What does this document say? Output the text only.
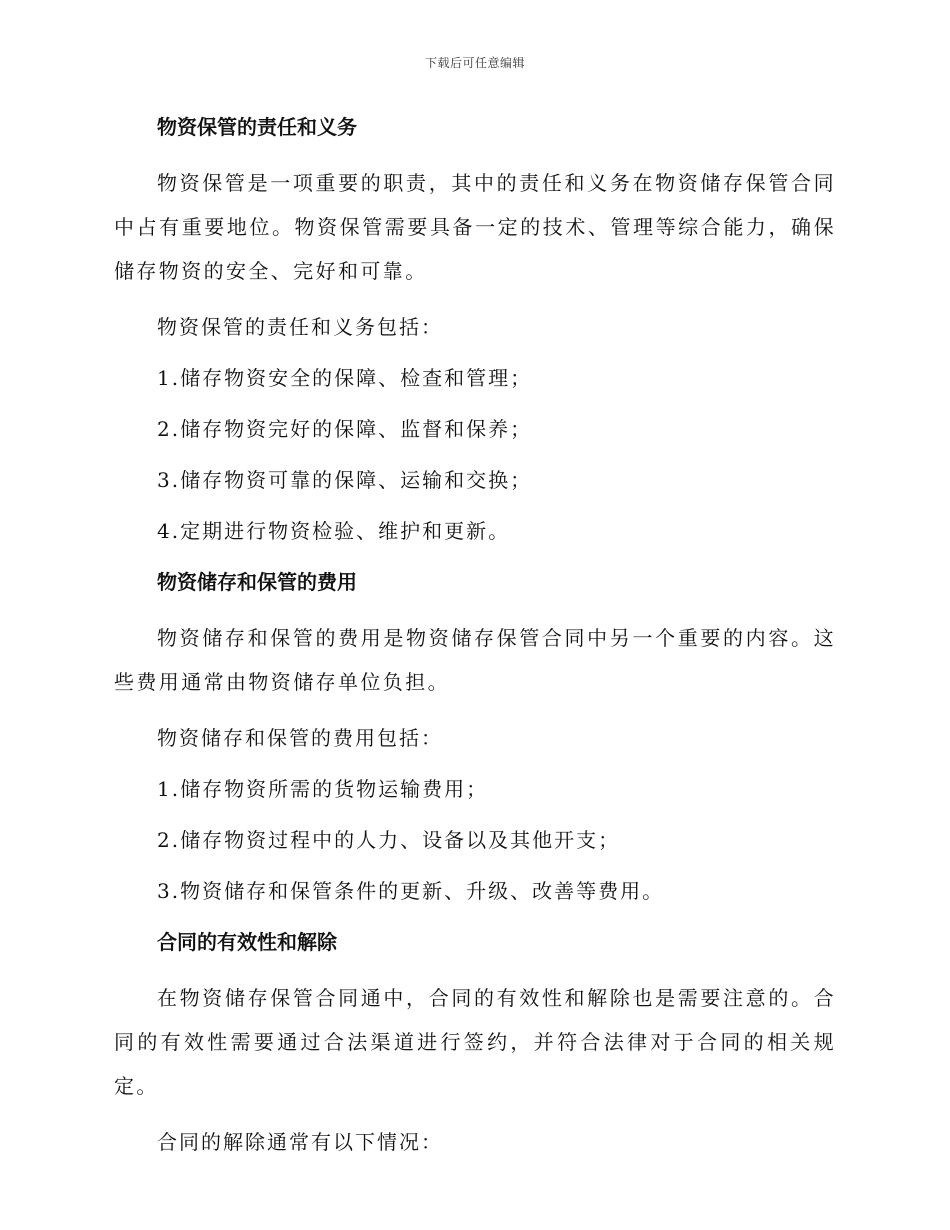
下载后可任意编辑
物资保管的责任和义务

物资保管是一项重要的职责，其中的责任和义务在物资储存保管合同中占有重要地位。物资保管需要具备一定的技术、管理等综合能力，确保储存物资的安全、完好和可靠。

物资保管的责任和义务包括：
1.储存物资安全的保障、检查和管理；
2.储存物资完好的保障、监督和保养；
3.储存物资可靠的保障、运输和交换；
4.定期进行物资检验、维护和更新。
物资储存和保管的费用

物资储存和保管的费用是物资储存保管合同中另一个重要的内容。这些费用通常由物资储存单位负担。

物资储存和保管的费用包括：
1.储存物资所需的货物运输费用；
2.储存物资过程中的人力、设备以及其他开支；
3.物资储存和保管条件的更新、升级、改善等费用。
合同的有效性和解除

在物资储存保管合同通中，合同的有效性和解除也是需要注意的。合同的有效性需要通过合法渠道进行签约，并符合法律对于合同的相关规定。

合同的解除通常有以下情况：
